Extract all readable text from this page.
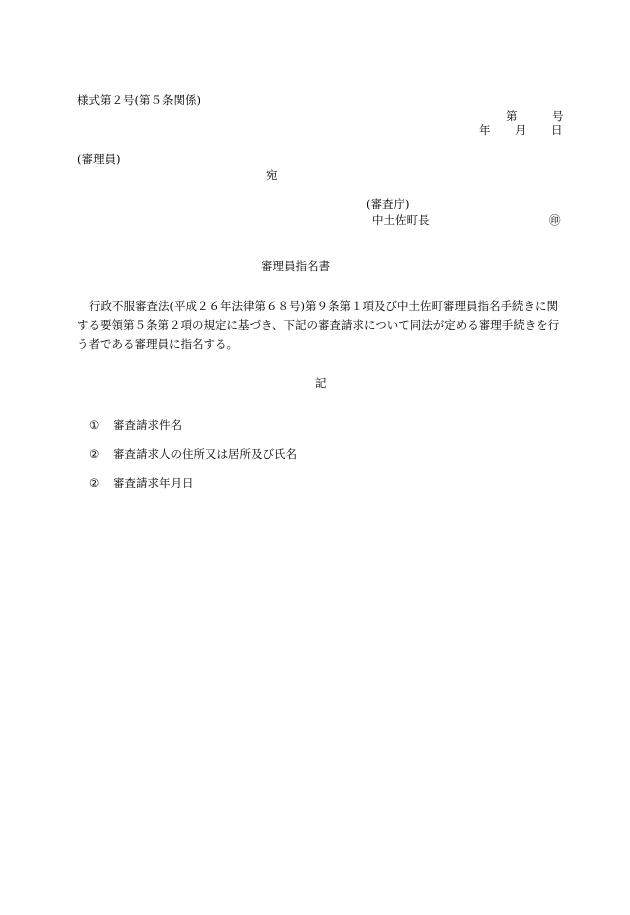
様式第２号(第５条関係)
第	号
年 月 日
(審理員)
宛
(審査庁)
中土佐町長	㊞
審理員指名書
行政不服審査法(平成２６年法律第６８号)第９条第１項及び中土佐町審理員指名手続きに関する要領第５条第２項の規定に基づき、下記の審査請求について同法が定める審理手続きを行う者である審理員に指名する。
記
① 審査請求件名
② 審査請求人の住所又は居所及び氏名
② 審査請求年月日
